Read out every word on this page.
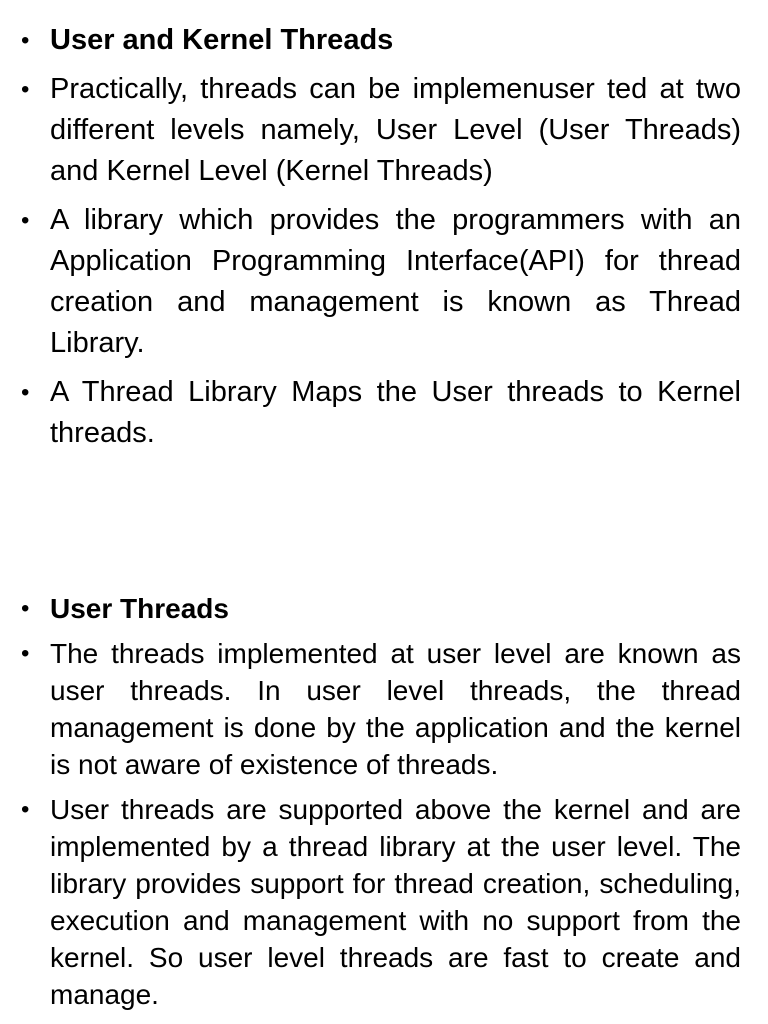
• User and Kernel Threads
• Practically, threads can be implemenuser ted at two different levels namely, User Level (User Threads) and Kernel Level (Kernel Threads)
• A library which provides the programmers with an Application Programming Interface(API) for thread creation and management is known as Thread Library.
• A Thread Library Maps the User threads to Kernel threads.
• User Threads
• The threads implemented at user level are known as user threads. In user level threads, the thread management is done by the application and the kernel is not aware of existence of threads.
• User threads are supported above the kernel and are implemented by a thread library at the user level. The library provides support for thread creation, scheduling, execution and management with no support from the kernel. So user level threads are fast to create and manage.
